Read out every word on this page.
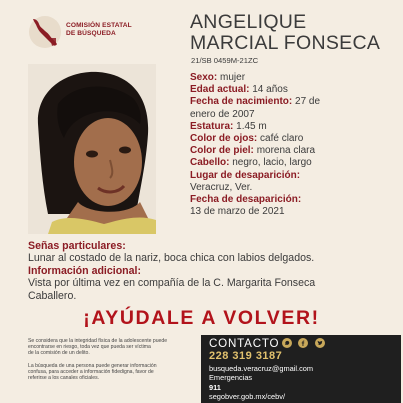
COMISIÓN ESTATAL
DE BÚSQUEDA
ANGELIQUE
MARCIAL FONSECA
21/SB 0459M-21ZC
Sexo: mujer
Edad actual: 14 años
Fecha de nacimiento: 27 de
enero de 2007
Estatura: 1.45 m
Color de ojos: café claro
Color de piel: morena clara
Cabello: negro, lacio, largo
Lugar de desaparición:
Veracruz, Ver.
Fecha de desaparición:
13 de marzo de 2021
Señas particulares:
Lunar al costado de la nariz, boca chica con labios delgados.
Información adicional:
Vista por última vez en compañía de la C. Margarita Fonseca
Caballero.
¡AYÚDALE A VOLVER!

Se considera que la integridad física de la adolescente puede
encontrarse en riesgo, toda vez que pueda ser víctima
de la comisión de un delito.

La búsqueda de una persona puede generar información
confusa, para acceder a información fidedigna, favor de
referirse a los canales oficiales.

CONTACTO

228 319 3187
busqueda.veracruz@gmail.com
Emergencias
911
segobver.gob.mx/cebv/
